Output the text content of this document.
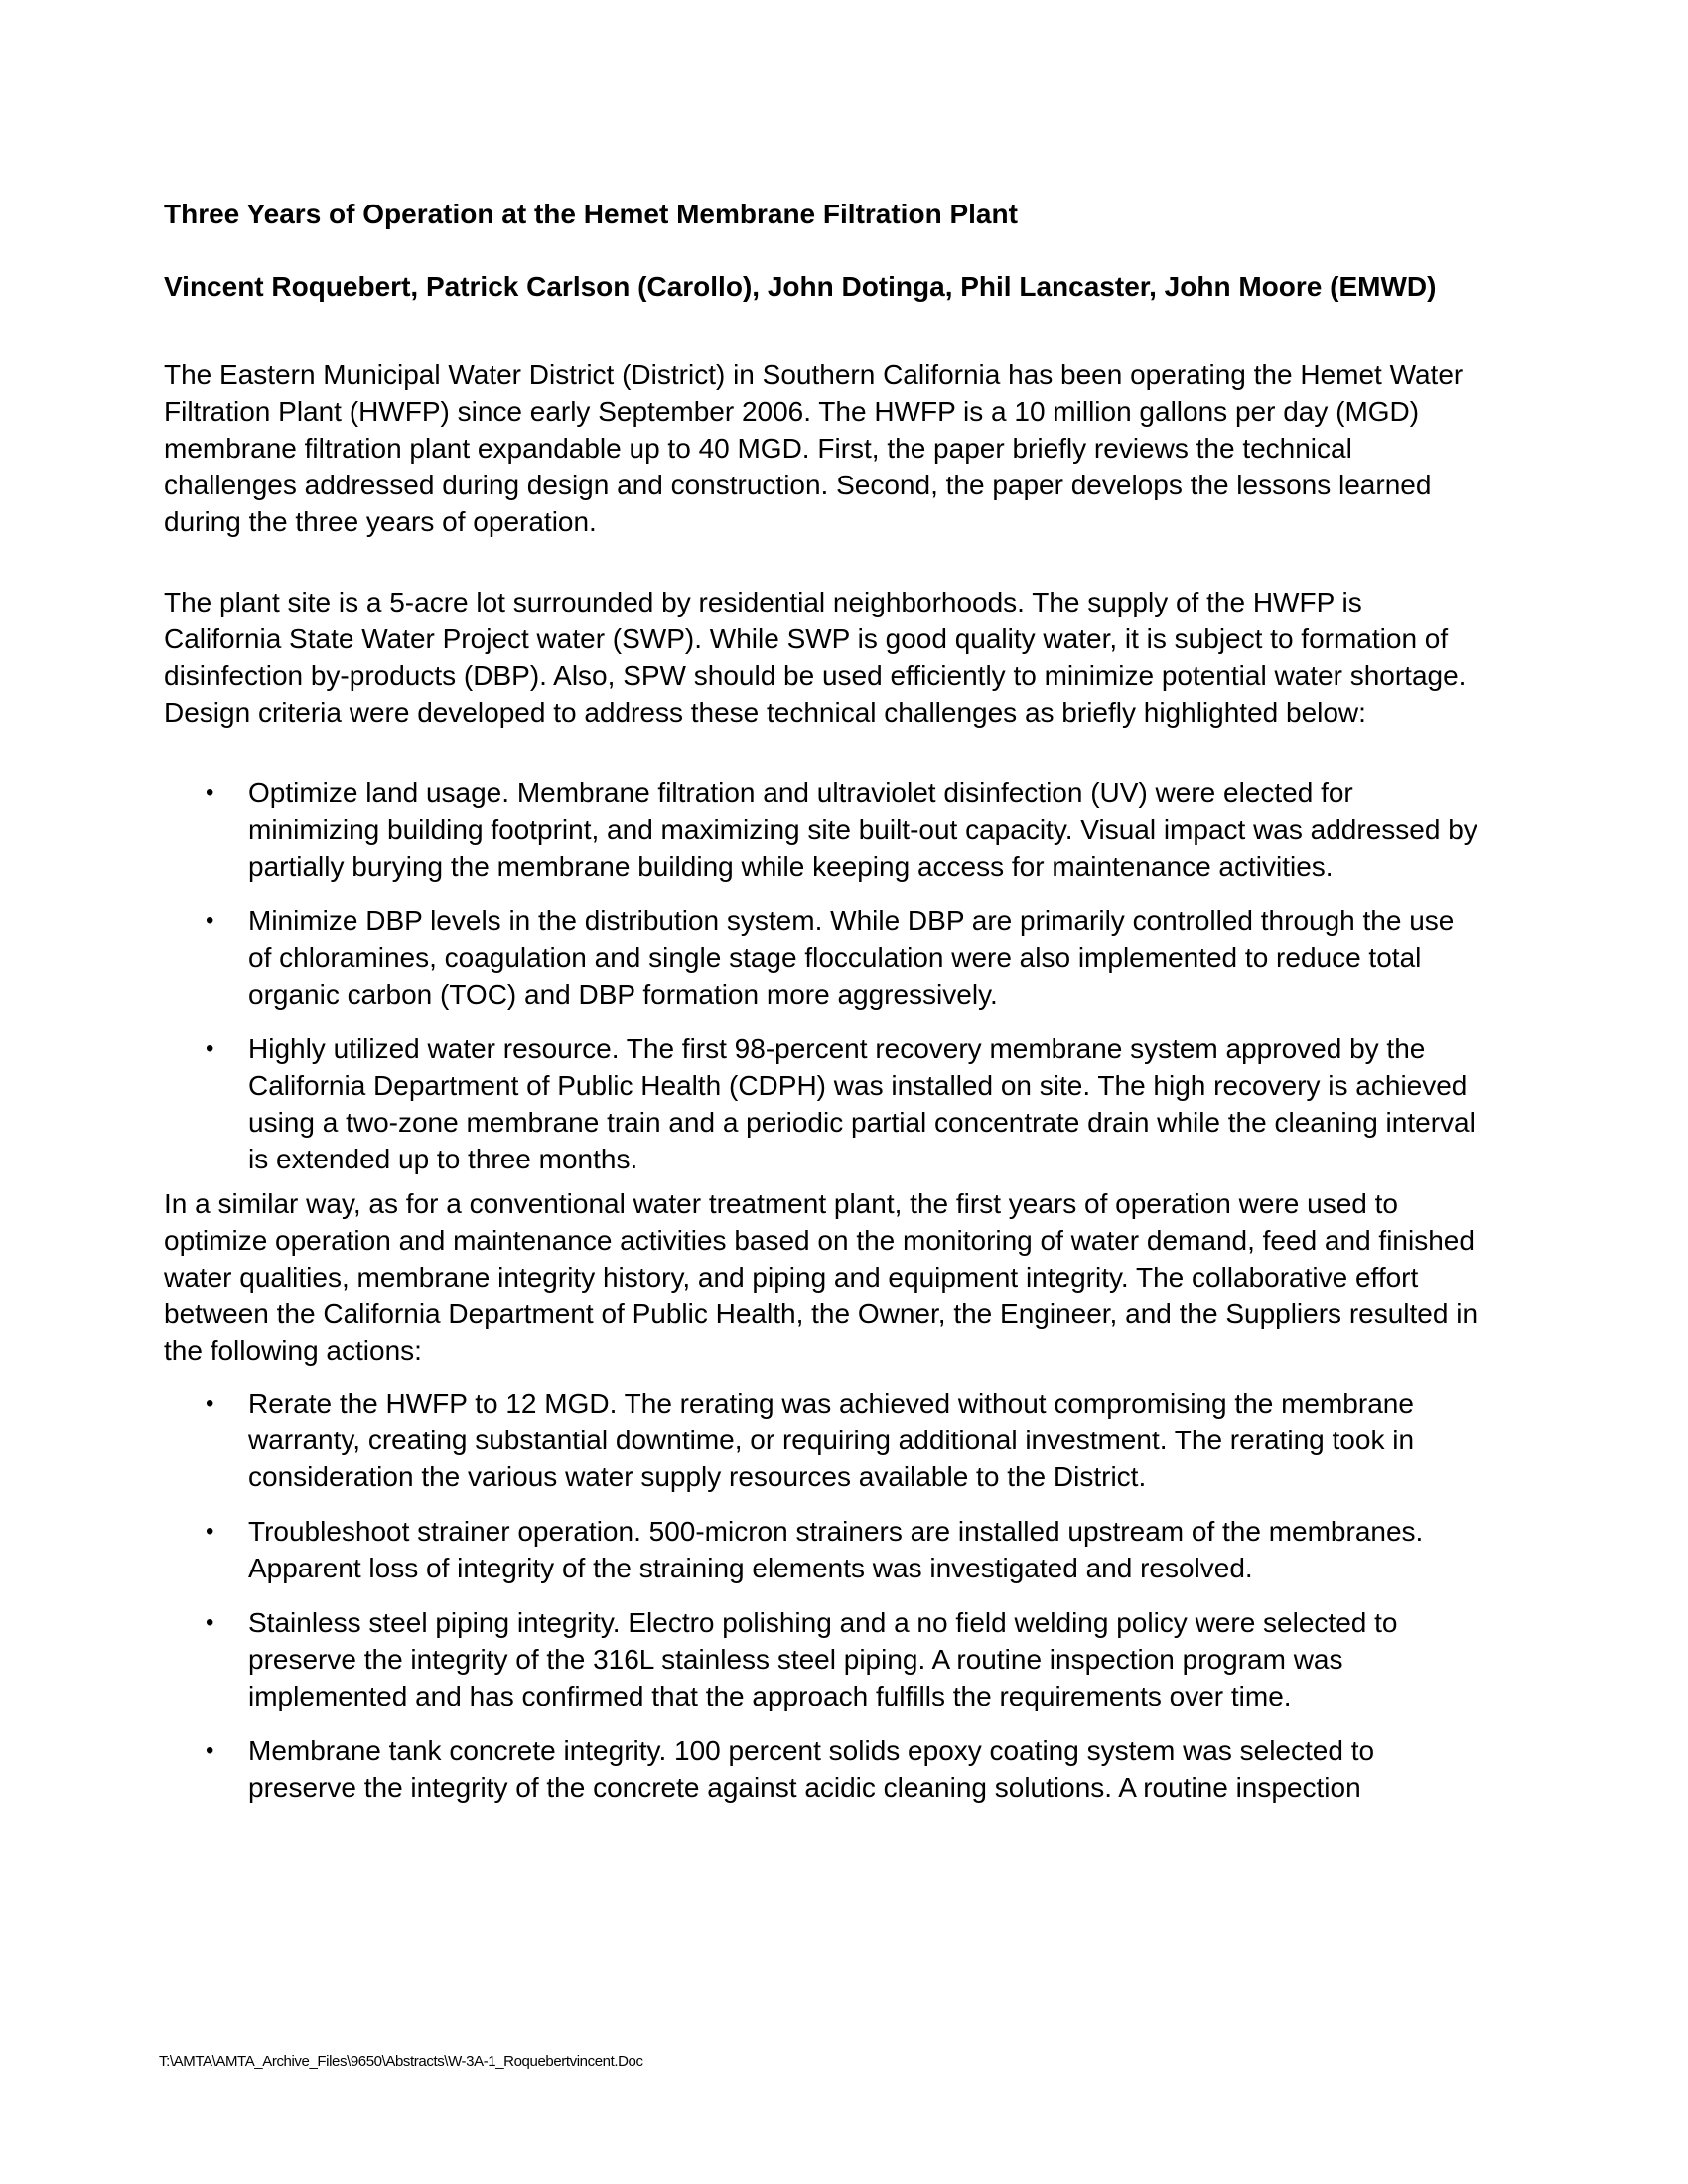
Three Years of Operation at the Hemet Membrane Filtration Plant

Vincent Roquebert, Patrick Carlson (Carollo), John Dotinga, Phil Lancaster, John Moore (EMWD)

The Eastern Municipal Water District (District) in Southern California has been operating the Hemet Water Filtration Plant (HWFP) since early September 2006. The HWFP is a 10 million gallons per day (MGD) membrane filtration plant expandable up to 40 MGD. First, the paper briefly reviews the technical challenges addressed during design and construction. Second, the paper develops the lessons learned during the three years of operation.

The plant site is a 5-acre lot surrounded by residential neighborhoods. The supply of the HWFP is California State Water Project water (SWP). While SWP is good quality water, it is subject to formation of disinfection by-products (DBP). Also, SPW should be used efficiently to minimize potential water shortage. Design criteria were developed to address these technical challenges as briefly highlighted below:

• Optimize land usage. Membrane filtration and ultraviolet disinfection (UV) were elected for minimizing building footprint, and maximizing site built-out capacity. Visual impact was addressed by partially burying the membrane building while keeping access for maintenance activities.
• Minimize DBP levels in the distribution system. While DBP are primarily controlled through the use of chloramines, coagulation and single stage flocculation were also implemented to reduce total organic carbon (TOC) and DBP formation more aggressively.
• Highly utilized water resource. The first 98-percent recovery membrane system approved by the California Department of Public Health (CDPH) was installed on site. The high recovery is achieved using a two-zone membrane train and a periodic partial concentrate drain while the cleaning interval is extended up to three months.

In a similar way, as for a conventional water treatment plant, the first years of operation were used to optimize operation and maintenance activities based on the monitoring of water demand, feed and finished water qualities, membrane integrity history, and piping and equipment integrity. The collaborative effort between the California Department of Public Health, the Owner, the Engineer, and the Suppliers resulted in the following actions:

• Rerate the HWFP to 12 MGD. The rerating was achieved without compromising the membrane warranty, creating substantial downtime, or requiring additional investment. The rerating took in consideration the various water supply resources available to the District.
• Troubleshoot strainer operation. 500-micron strainers are installed upstream of the membranes. Apparent loss of integrity of the straining elements was investigated and resolved.
• Stainless steel piping integrity. Electro polishing and a no field welding policy were selected to preserve the integrity of the 316L stainless steel piping. A routine inspection program was implemented and has confirmed that the approach fulfills the requirements over time.
• Membrane tank concrete integrity. 100 percent solids epoxy coating system was selected to preserve the integrity of the concrete against acidic cleaning solutions. A routine inspection
T:\AMTA\AMTA_Archive_Files\9650\Abstracts\W-3A-1_Roquebertvincent.Doc
